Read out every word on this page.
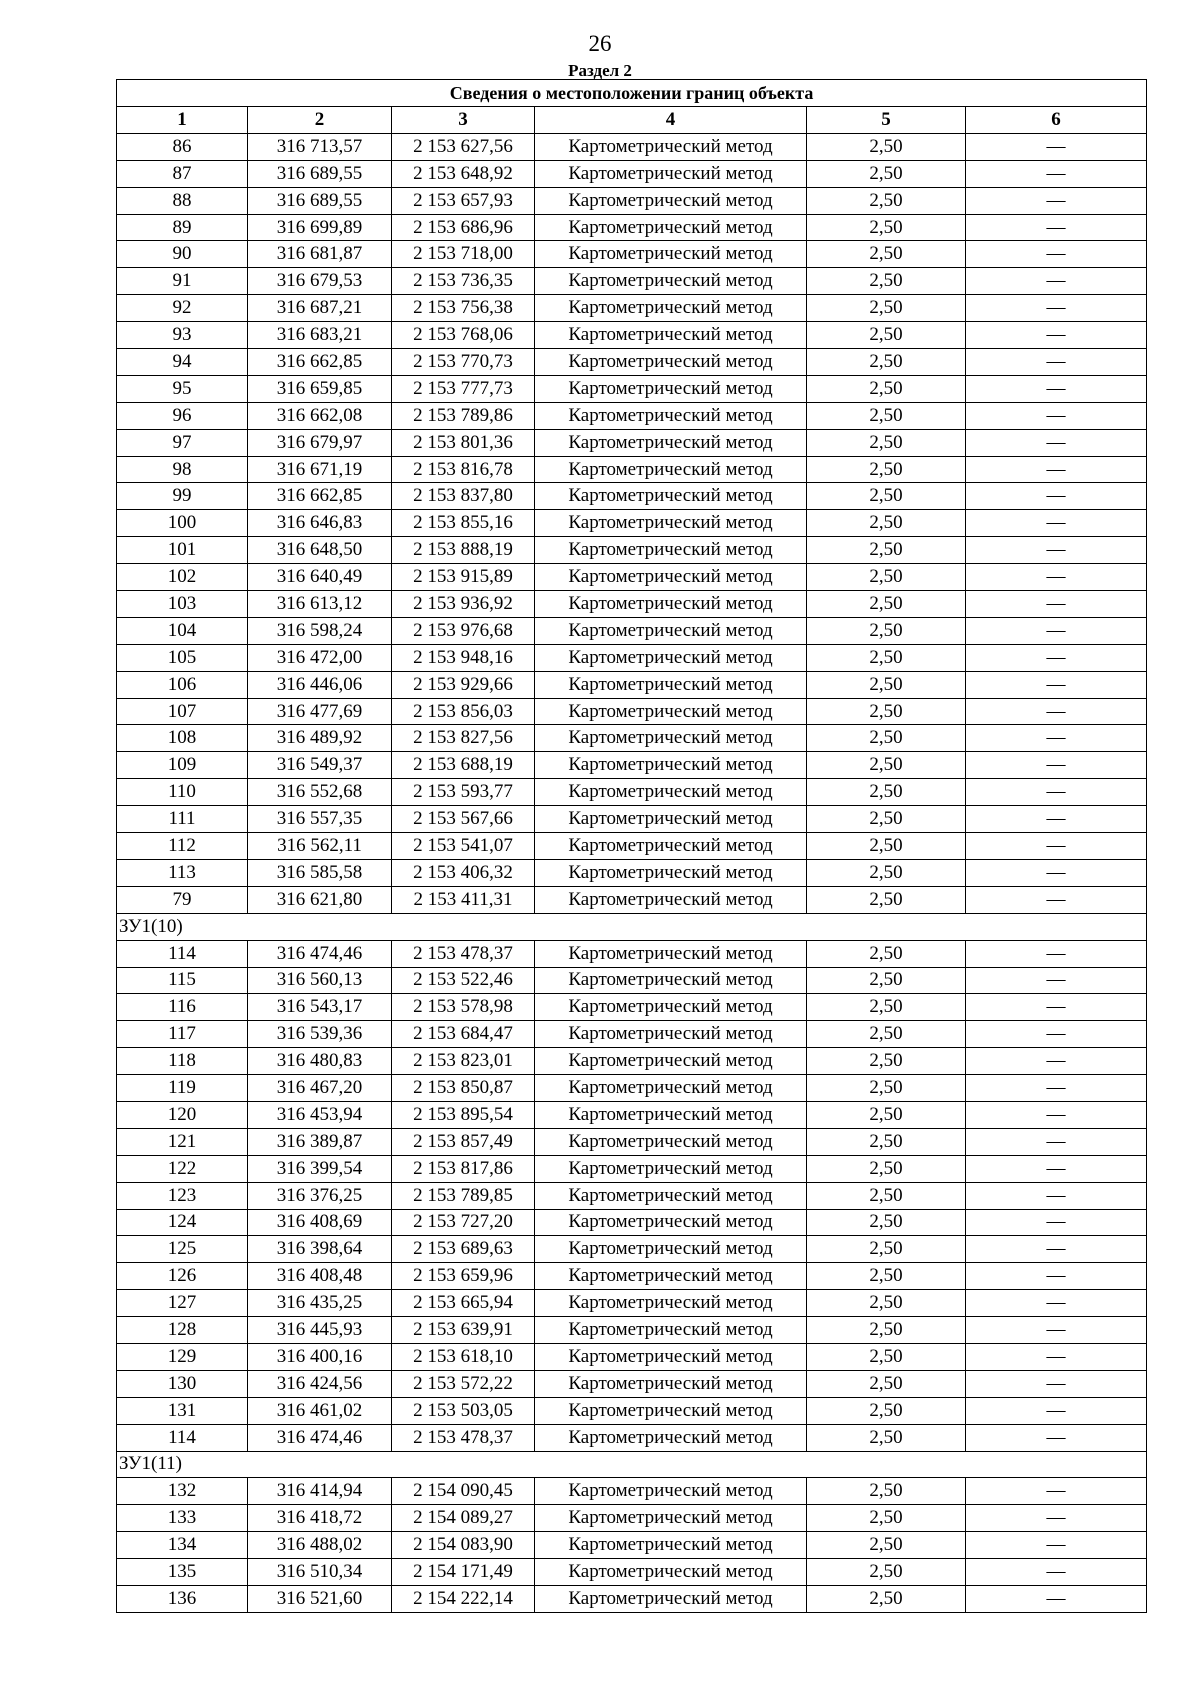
26
Раздел 2
Сведения о местоположении границ объекта					
1	2	3	4	5	6
86	316 713,57	2 153 627,56	Картометрический метод	2,50	—
87	316 689,55	2 153 648,92	Картометрический метод	2,50	—
88	316 689,55	2 153 657,93	Картометрический метод	2,50	—
89	316 699,89	2 153 686,96	Картометрический метод	2,50	—
90	316 681,87	2 153 718,00	Картометрический метод	2,50	—
91	316 679,53	2 153 736,35	Картометрический метод	2,50	—
92	316 687,21	2 153 756,38	Картометрический метод	2,50	—
93	316 683,21	2 153 768,06	Картометрический метод	2,50	—
94	316 662,85	2 153 770,73	Картометрический метод	2,50	—
95	316 659,85	2 153 777,73	Картометрический метод	2,50	—
96	316 662,08	2 153 789,86	Картометрический метод	2,50	—
97	316 679,97	2 153 801,36	Картометрический метод	2,50	—
98	316 671,19	2 153 816,78	Картометрический метод	2,50	—
99	316 662,85	2 153 837,80	Картометрический метод	2,50	—
100	316 646,83	2 153 855,16	Картометрический метод	2,50	—
101	316 648,50	2 153 888,19	Картометрический метод	2,50	—
102	316 640,49	2 153 915,89	Картометрический метод	2,50	—
103	316 613,12	2 153 936,92	Картометрический метод	2,50	—
104	316 598,24	2 153 976,68	Картометрический метод	2,50	—
105	316 472,00	2 153 948,16	Картометрический метод	2,50	—
106	316 446,06	2 153 929,66	Картометрический метод	2,50	—
107	316 477,69	2 153 856,03	Картометрический метод	2,50	—
108	316 489,92	2 153 827,56	Картометрический метод	2,50	—
109	316 549,37	2 153 688,19	Картометрический метод	2,50	—
110	316 552,68	2 153 593,77	Картометрический метод	2,50	—
111	316 557,35	2 153 567,66	Картометрический метод	2,50	—
112	316 562,11	2 153 541,07	Картометрический метод	2,50	—
113	316 585,58	2 153 406,32	Картометрический метод	2,50	—
79	316 621,80	2 153 411,31	Картометрический метод	2,50	—
ЗУ1(10)					
114	316 474,46	2 153 478,37	Картометрический метод	2,50	—
115	316 560,13	2 153 522,46	Картометрический метод	2,50	—
116	316 543,17	2 153 578,98	Картометрический метод	2,50	—
117	316 539,36	2 153 684,47	Картометрический метод	2,50	—
118	316 480,83	2 153 823,01	Картометрический метод	2,50	—
119	316 467,20	2 153 850,87	Картометрический метод	2,50	—
120	316 453,94	2 153 895,54	Картометрический метод	2,50	—
121	316 389,87	2 153 857,49	Картометрический метод	2,50	—
122	316 399,54	2 153 817,86	Картометрический метод	2,50	—
123	316 376,25	2 153 789,85	Картометрический метод	2,50	—
124	316 408,69	2 153 727,20	Картометрический метод	2,50	—
125	316 398,64	2 153 689,63	Картометрический метод	2,50	—
126	316 408,48	2 153 659,96	Картометрический метод	2,50	—
127	316 435,25	2 153 665,94	Картометрический метод	2,50	—
128	316 445,93	2 153 639,91	Картометрический метод	2,50	—
129	316 400,16	2 153 618,10	Картометрический метод	2,50	—
130	316 424,56	2 153 572,22	Картометрический метод	2,50	—
131	316 461,02	2 153 503,05	Картометрический метод	2,50	—
114	316 474,46	2 153 478,37	Картометрический метод	2,50	—
ЗУ1(11)					
132	316 414,94	2 154 090,45	Картометрический метод	2,50	—
133	316 418,72	2 154 089,27	Картометрический метод	2,50	—
134	316 488,02	2 154 083,90	Картометрический метод	2,50	—
135	316 510,34	2 154 171,49	Картометрический метод	2,50	—
136	316 521,60	2 154 222,14	Картометрический метод	2,50	—
